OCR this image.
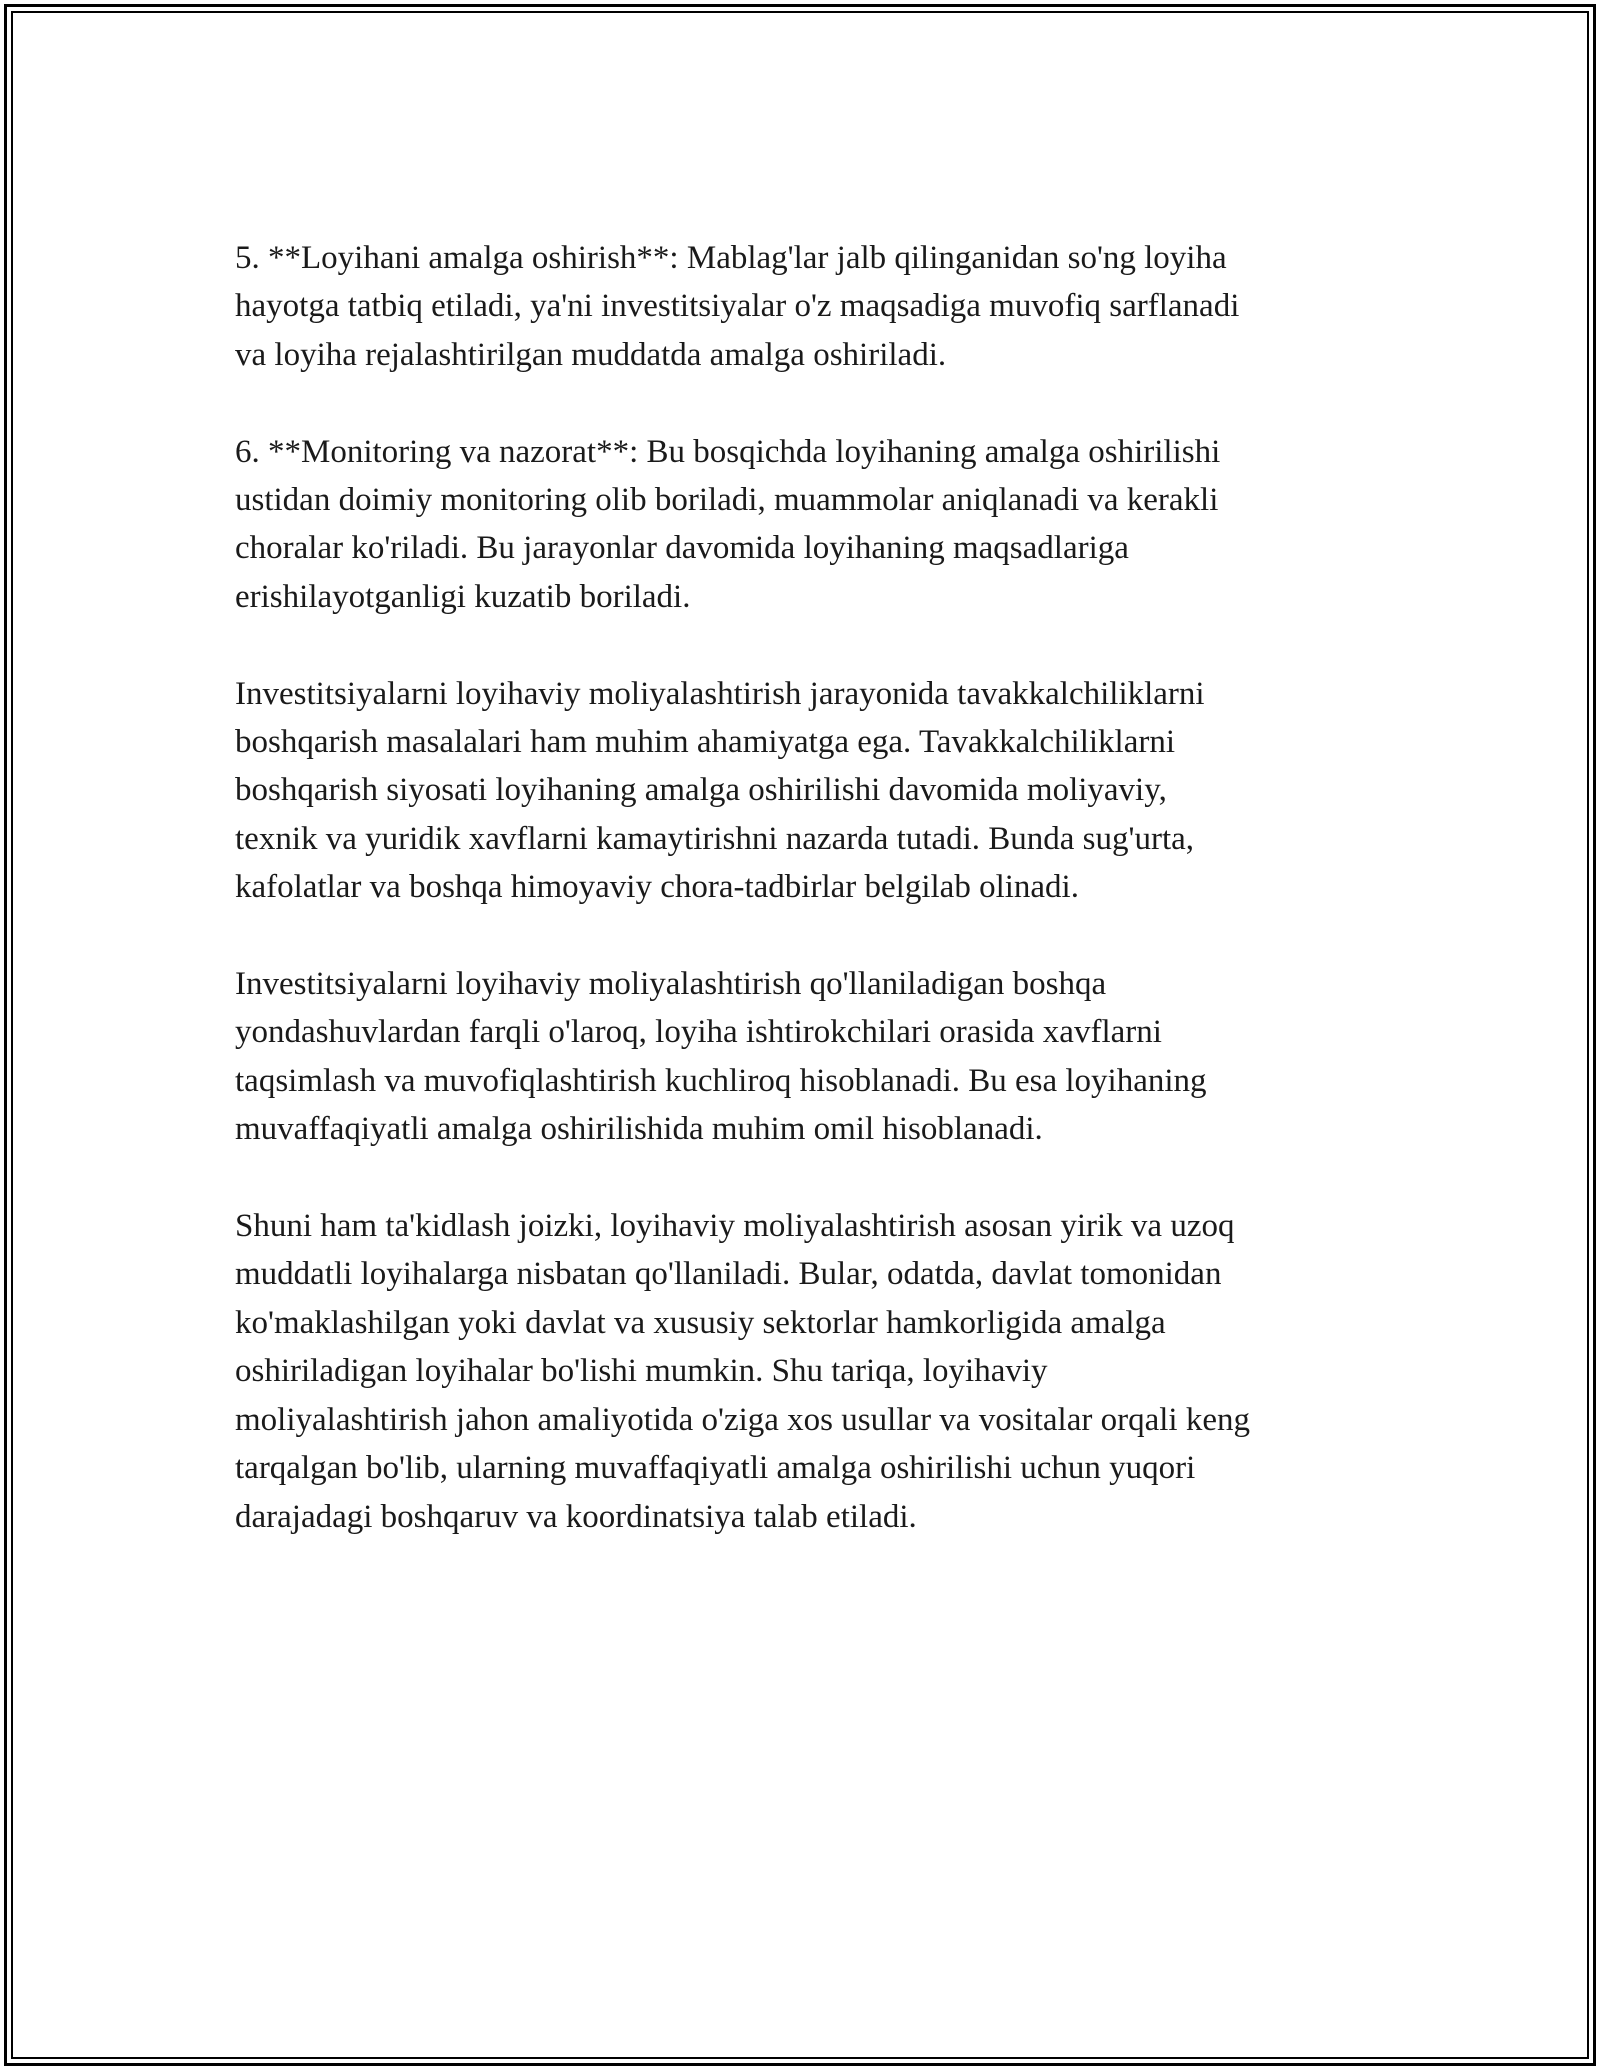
5. **Loyihani amalga oshirish**: Mablag'lar jalb qilinganidan so'ng loyiha
hayotga tatbiq etiladi, ya'ni investitsiyalar o'z maqsadiga muvofiq sarflanadi
va loyiha rejalashtirilgan muddatda amalga oshiriladi.

6. **Monitoring va nazorat**: Bu bosqichda loyihaning amalga oshirilishi
ustidan doimiy monitoring olib boriladi, muammolar aniqlanadi va kerakli
choralar ko'riladi. Bu jarayonlar davomida loyihaning maqsadlariga
erishilayotganligi kuzatib boriladi.

Investitsiyalarni loyihaviy moliyalashtirish jarayonida tavakkalchiliklarni
boshqarish masalalari ham muhim ahamiyatga ega. Tavakkalchiliklarni
boshqarish siyosati loyihaning amalga oshirilishi davomida moliyaviy,
texnik va yuridik xavflarni kamaytirishni nazarda tutadi. Bunda sug'urta,
kafolatlar va boshqa himoyaviy chora-tadbirlar belgilab olinadi.

Investitsiyalarni loyihaviy moliyalashtirish qo'llaniladigan boshqa
yondashuvlardan farqli o'laroq, loyiha ishtirokchilari orasida xavflarni
taqsimlash va muvofiqlashtirish kuchliroq hisoblanadi. Bu esa loyihaning
muvaffaqiyatli amalga oshirilishida muhim omil hisoblanadi.

Shuni ham ta'kidlash joizki, loyihaviy moliyalashtirish asosan yirik va uzoq
muddatli loyihalarga nisbatan qo'llaniladi. Bular, odatda, davlat tomonidan
ko'maklashilgan yoki davlat va xususiy sektorlar hamkorligida amalga
oshiriladigan loyihalar bo'lishi mumkin. Shu tariqa, loyihaviy
moliyalashtirish jahon amaliyotida o'ziga xos usullar va vositalar orqali keng
tarqalgan bo'lib, ularning muvaffaqiyatli amalga oshirilishi uchun yuqori
darajadagi boshqaruv va koordinatsiya talab etiladi.
